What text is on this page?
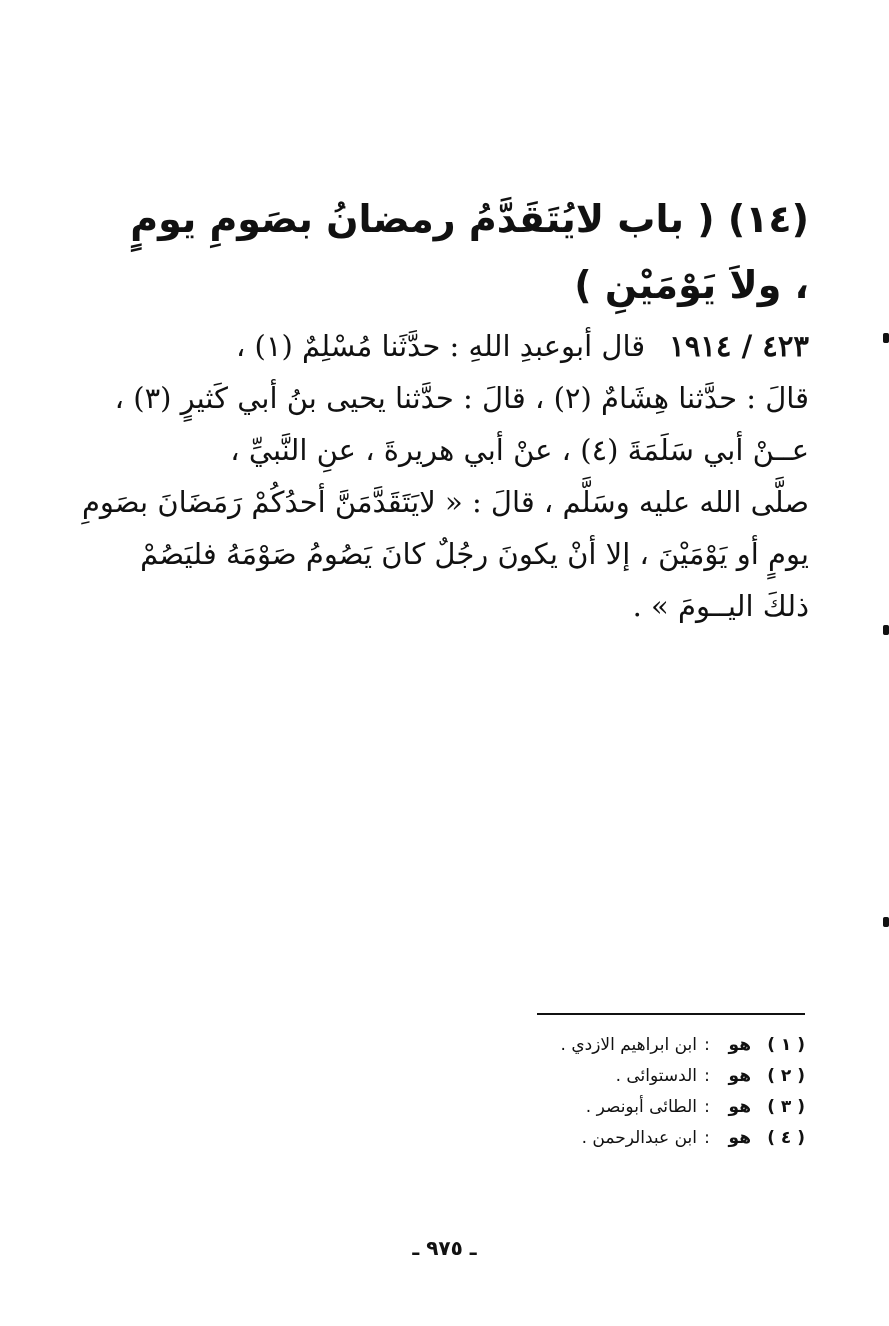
(١٤) ( باب لايُتَقَدَّمُ رمضانُ بصَومِ يومٍ ، ولاَ يَوْمَيْنِ )

٤٢٣ / ١٩١٤قال أبوعبدِ اللهِ : حدَّثَنا مُسْلِمٌ (١) ،
قالَ : حدَّثنا هِشَامٌ (٢) ، قالَ : حدَّثنا يحيى بنُ أبي كَثيرٍ (٣) ،
عــنْ أبي سَلَمَةَ (٤) ، عنْ أبي هريرةَ ، عنِ النَّبيِّ ،
صلَّى الله عليه وسَلَّم ، قالَ : « لايَتَقَدَّمَنَّ أحدُكُمْ رَمَضَانَ بصَومِ
يومٍ أو يَوْمَيْنَ ، إلا أنْ يكونَ رجُلٌ كانَ يَصُومُ صَوْمَهُ فليَصُمْ
ذلكَ اليــومَ » .

( ١ )هو:ابن ابراهيم الازدي .
( ٢ )هو:الدستوائى .
( ٣ )هو:الطائى أبونصر .
( ٤ )هو:ابن عبدالرحمن .
ـ ٩٧٥ ـ
